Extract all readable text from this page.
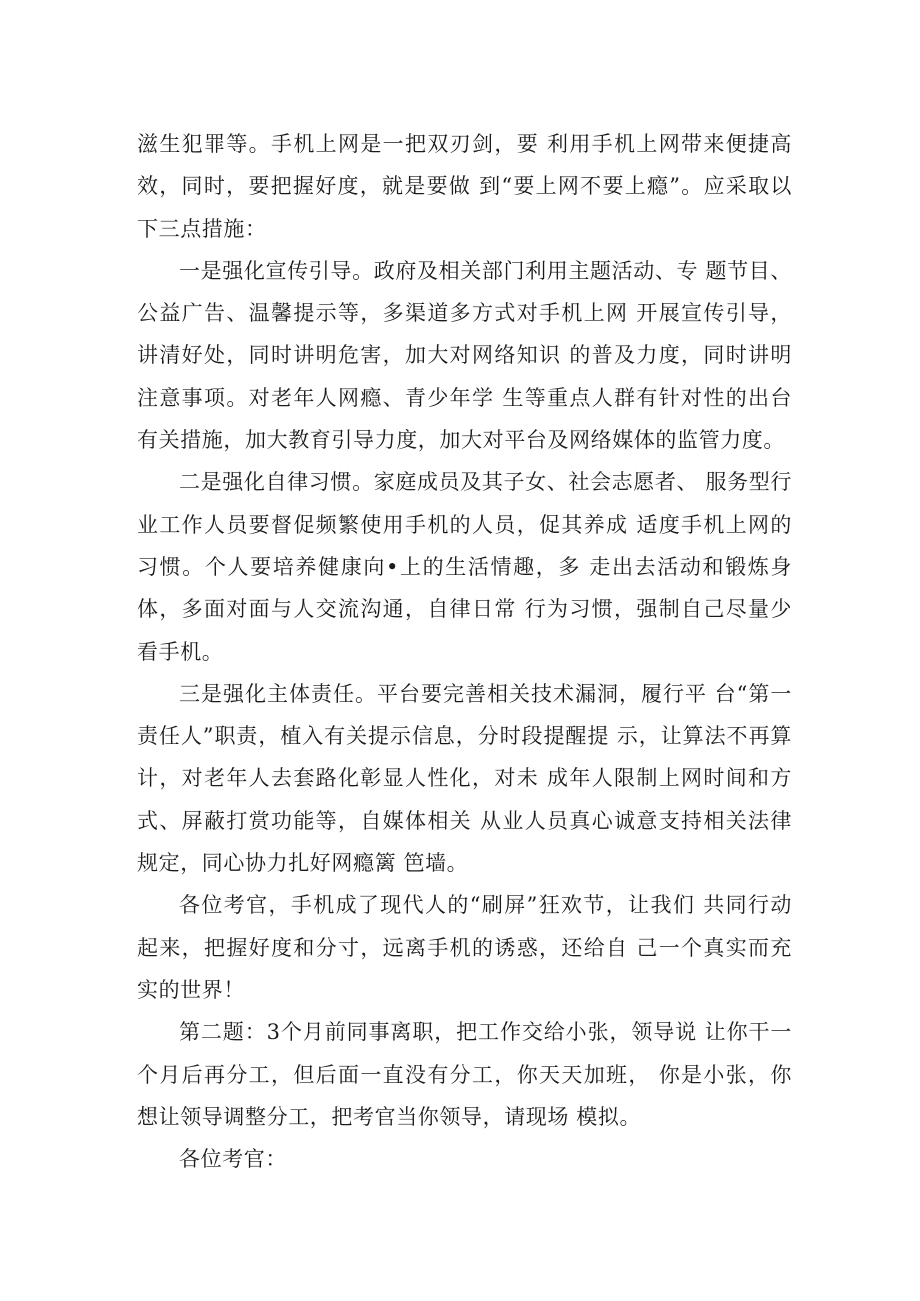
滋生犯罪等。手机上网是一把双刃剑，要 利用手机上网带来便捷高效，同时，要把握好度，就是要做 到“要上网不要上瘾”。应采取以下三点措施：

一是强化宣传引导。政府及相关部门利用主题活动、专 题节目、公益广告、温馨提示等，多渠道多方式对手机上网 开展宣传引导，讲清好处，同时讲明危害，加大对网络知识 的普及力度，同时讲明注意事项。对老年人网瘾、青少年学 生等重点人群有针对性的出台有关措施，加大教育引导力度，加大对平台及网络媒体的监管力度。

二是强化自律习惯。家庭成员及其子女、社会志愿者、 服务型行业工作人员要督促频繁使用手机的人员，促其养成 适度手机上网的习惯。个人要培养健康向•上的生活情趣，多 走出去活动和锻炼身体，多面对面与人交流沟通，自律日常 行为习惯，强制自己尽量少看手机。

三是强化主体责任。平台要完善相关技术漏洞，履行平 台“第一责任人”职责，植入有关提示信息，分时段提醒提 示，让算法不再算计，对老年人去套路化彰显人性化，对未 成年人限制上网时间和方式、屏蔽打赏功能等，自媒体相关 从业人员真心诚意支持相关法律规定，同心协力扎好网瘾篱 笆墙。

各位考官，手机成了现代人的“刷屏”狂欢节，让我们 共同行动起来，把握好度和分寸，远离手机的诱惑，还给自 己一个真实而充实的世界！

第二题：3个月前同事离职，把工作交给小张，领导说 让你干一个月后再分工，但后面一直没有分工，你天天加班， 你是小张，你想让领导调整分工，把考官当你领导，请现场 模拟。

各位考官：
